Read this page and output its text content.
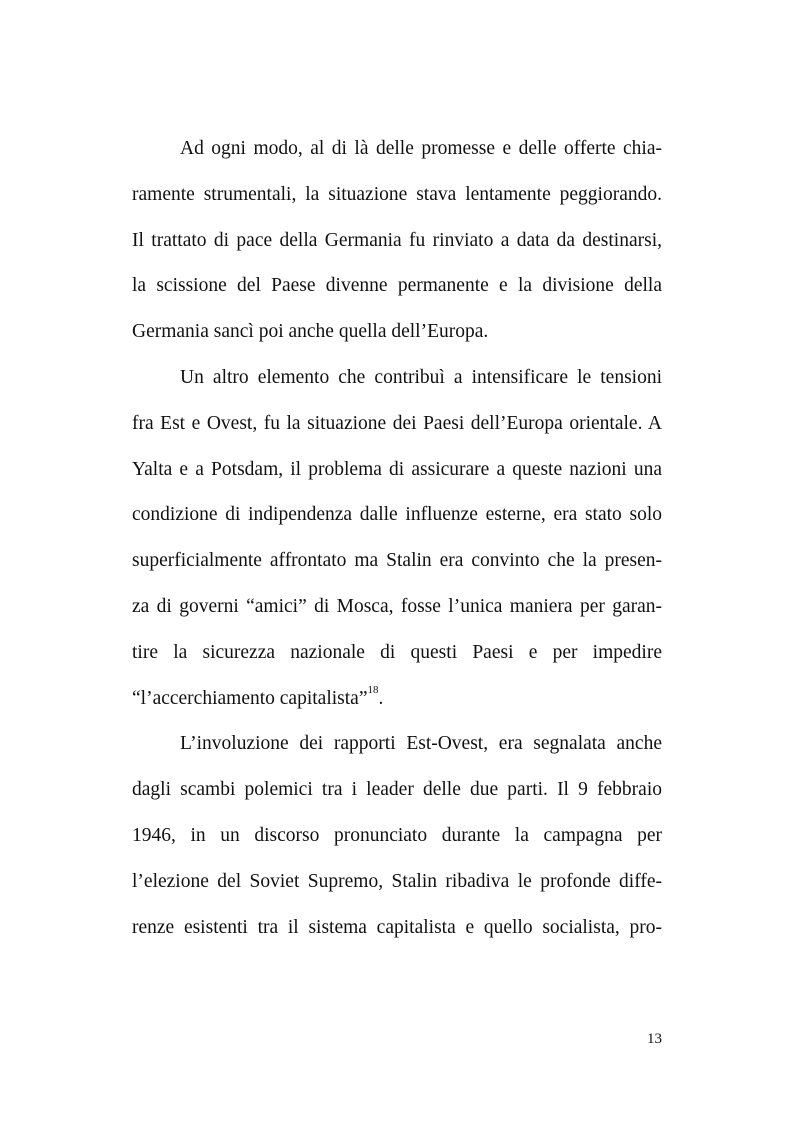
Ad ogni modo, al di là delle promesse e delle offerte chia-
ramente strumentali, la situazione stava lentamente peggiorando.
Il trattato di pace della Germania fu rinviato a data da destinarsi,
la scissione del Paese divenne permanente e la divisione della
Germania sancì poi anche quella dell’Europa.
Un altro elemento che contribuì a intensificare le tensioni
fra Est e Ovest, fu la situazione dei Paesi dell’Europa orientale. A
Yalta e a Potsdam, il problema di assicurare a queste nazioni una
condizione di indipendenza dalle influenze esterne, era stato solo
superficialmente affrontato ma Stalin era convinto che la presen-
za di governi “amici” di Mosca, fosse l’unica maniera per garan-
tire la sicurezza nazionale di questi Paesi e per impedire
“l’accerchiamento capitalista”$^{18}$.
L’involuzione dei rapporti Est-Ovest, era segnalata anche
dagli scambi polemici tra i leader delle due parti. Il 9 febbraio
1946, in un discorso pronunciato durante la campagna per
l’elezione del Soviet Supremo, Stalin ribadiva le profonde diffe-
renze esistenti tra il sistema capitalista e quello socialista, pro-
13
